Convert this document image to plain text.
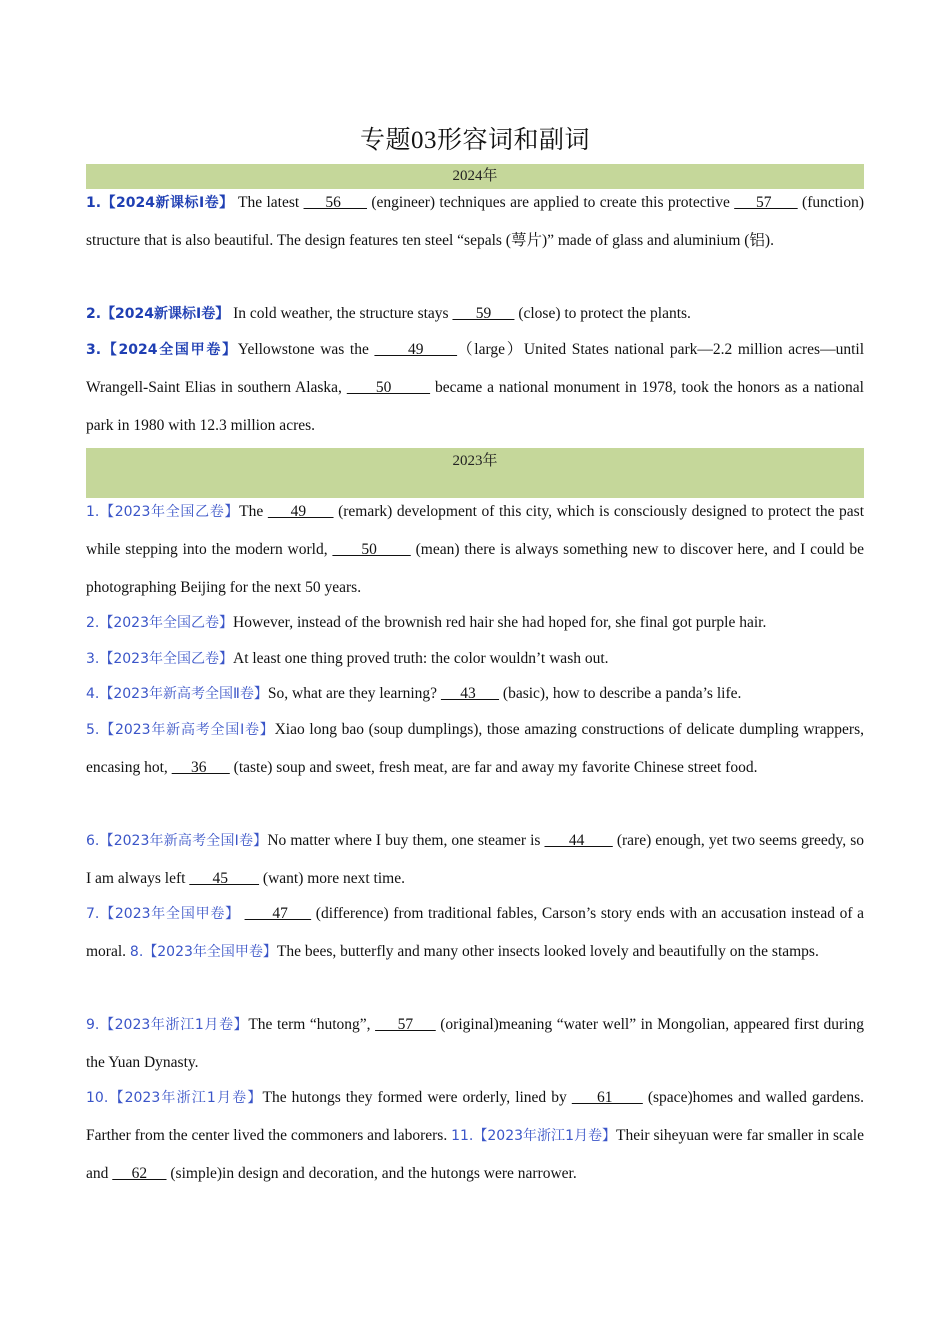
专题03形容词和副词
2024年
1.【2024新课标Ⅰ卷】 The latest      56       (engineer) techniques are applied to create this protective      57       (function) structure that is also beautiful. The design features ten steel “sepals (萼片)” made of glass and aluminium (铝).
2.【2024新课标Ⅰ卷】 In cold weather, the structure stays       59       (close) to protect the plants.
3.【2024全国甲卷】Yellowstone was the       49      （large）United States national park—2.2 million acres—until Wrangell-Saint Elias in southern Alaska,       50         became a national monument in 1978, took the honors as a national park in 1980 with 12.3 million acres.
2023年
1.【2023年全国乙卷】The      49       (remark) development of this city, which is consciously designed to protect the past while stepping into the modern world,       50        (mean) there is always something new to discover here, and I could be photographing Beijing for the next 50 years.
2.【2023年全国乙卷】However, instead of the brownish red hair she had hoped for, she final got purple hair.
3.【2023年全国乙卷】At least one thing proved truth: the color wouldn’t wash out.
4.【2023年新高考全国Ⅱ卷】So, what are they learning?      43       (basic), how to describe a panda’s life.
5.【2023年新高考全国Ⅰ卷】Xiao long bao (soup dumplings), those amazing constructions of delicate dumpling wrappers, encasing hot,      36       (taste) soup and sweet, fresh meat, are far and away my favorite Chinese street food.
6.【2023年新高考全国Ⅰ卷】No matter where I buy them, one steamer is       44        (rare) enough, yet two seems greedy, so I am always left       45         (want) more next time.
7.【2023年全国甲卷】       47      (difference) from traditional fables, Carson’s story ends with an accusation instead of a moral. 8.【2023年全国甲卷】The bees, butterfly and many other insects looked lovely and beautifully on the stamps.
9.【2023年浙江1月卷】The term “hutong”,      57      (original)meaning “water well” in Mongolian, appeared first during the Yuan Dynasty.
10.【2023年浙江1月卷】The hutongs they formed were orderly, lined by      61       (space)homes and walled gardens. Farther from the center lived the commoners and laborers. 11.【2023年浙江1月卷】Their siheyuan were far smaller in scale and      62      (simple)in design and decoration, and the hutongs were narrower.
